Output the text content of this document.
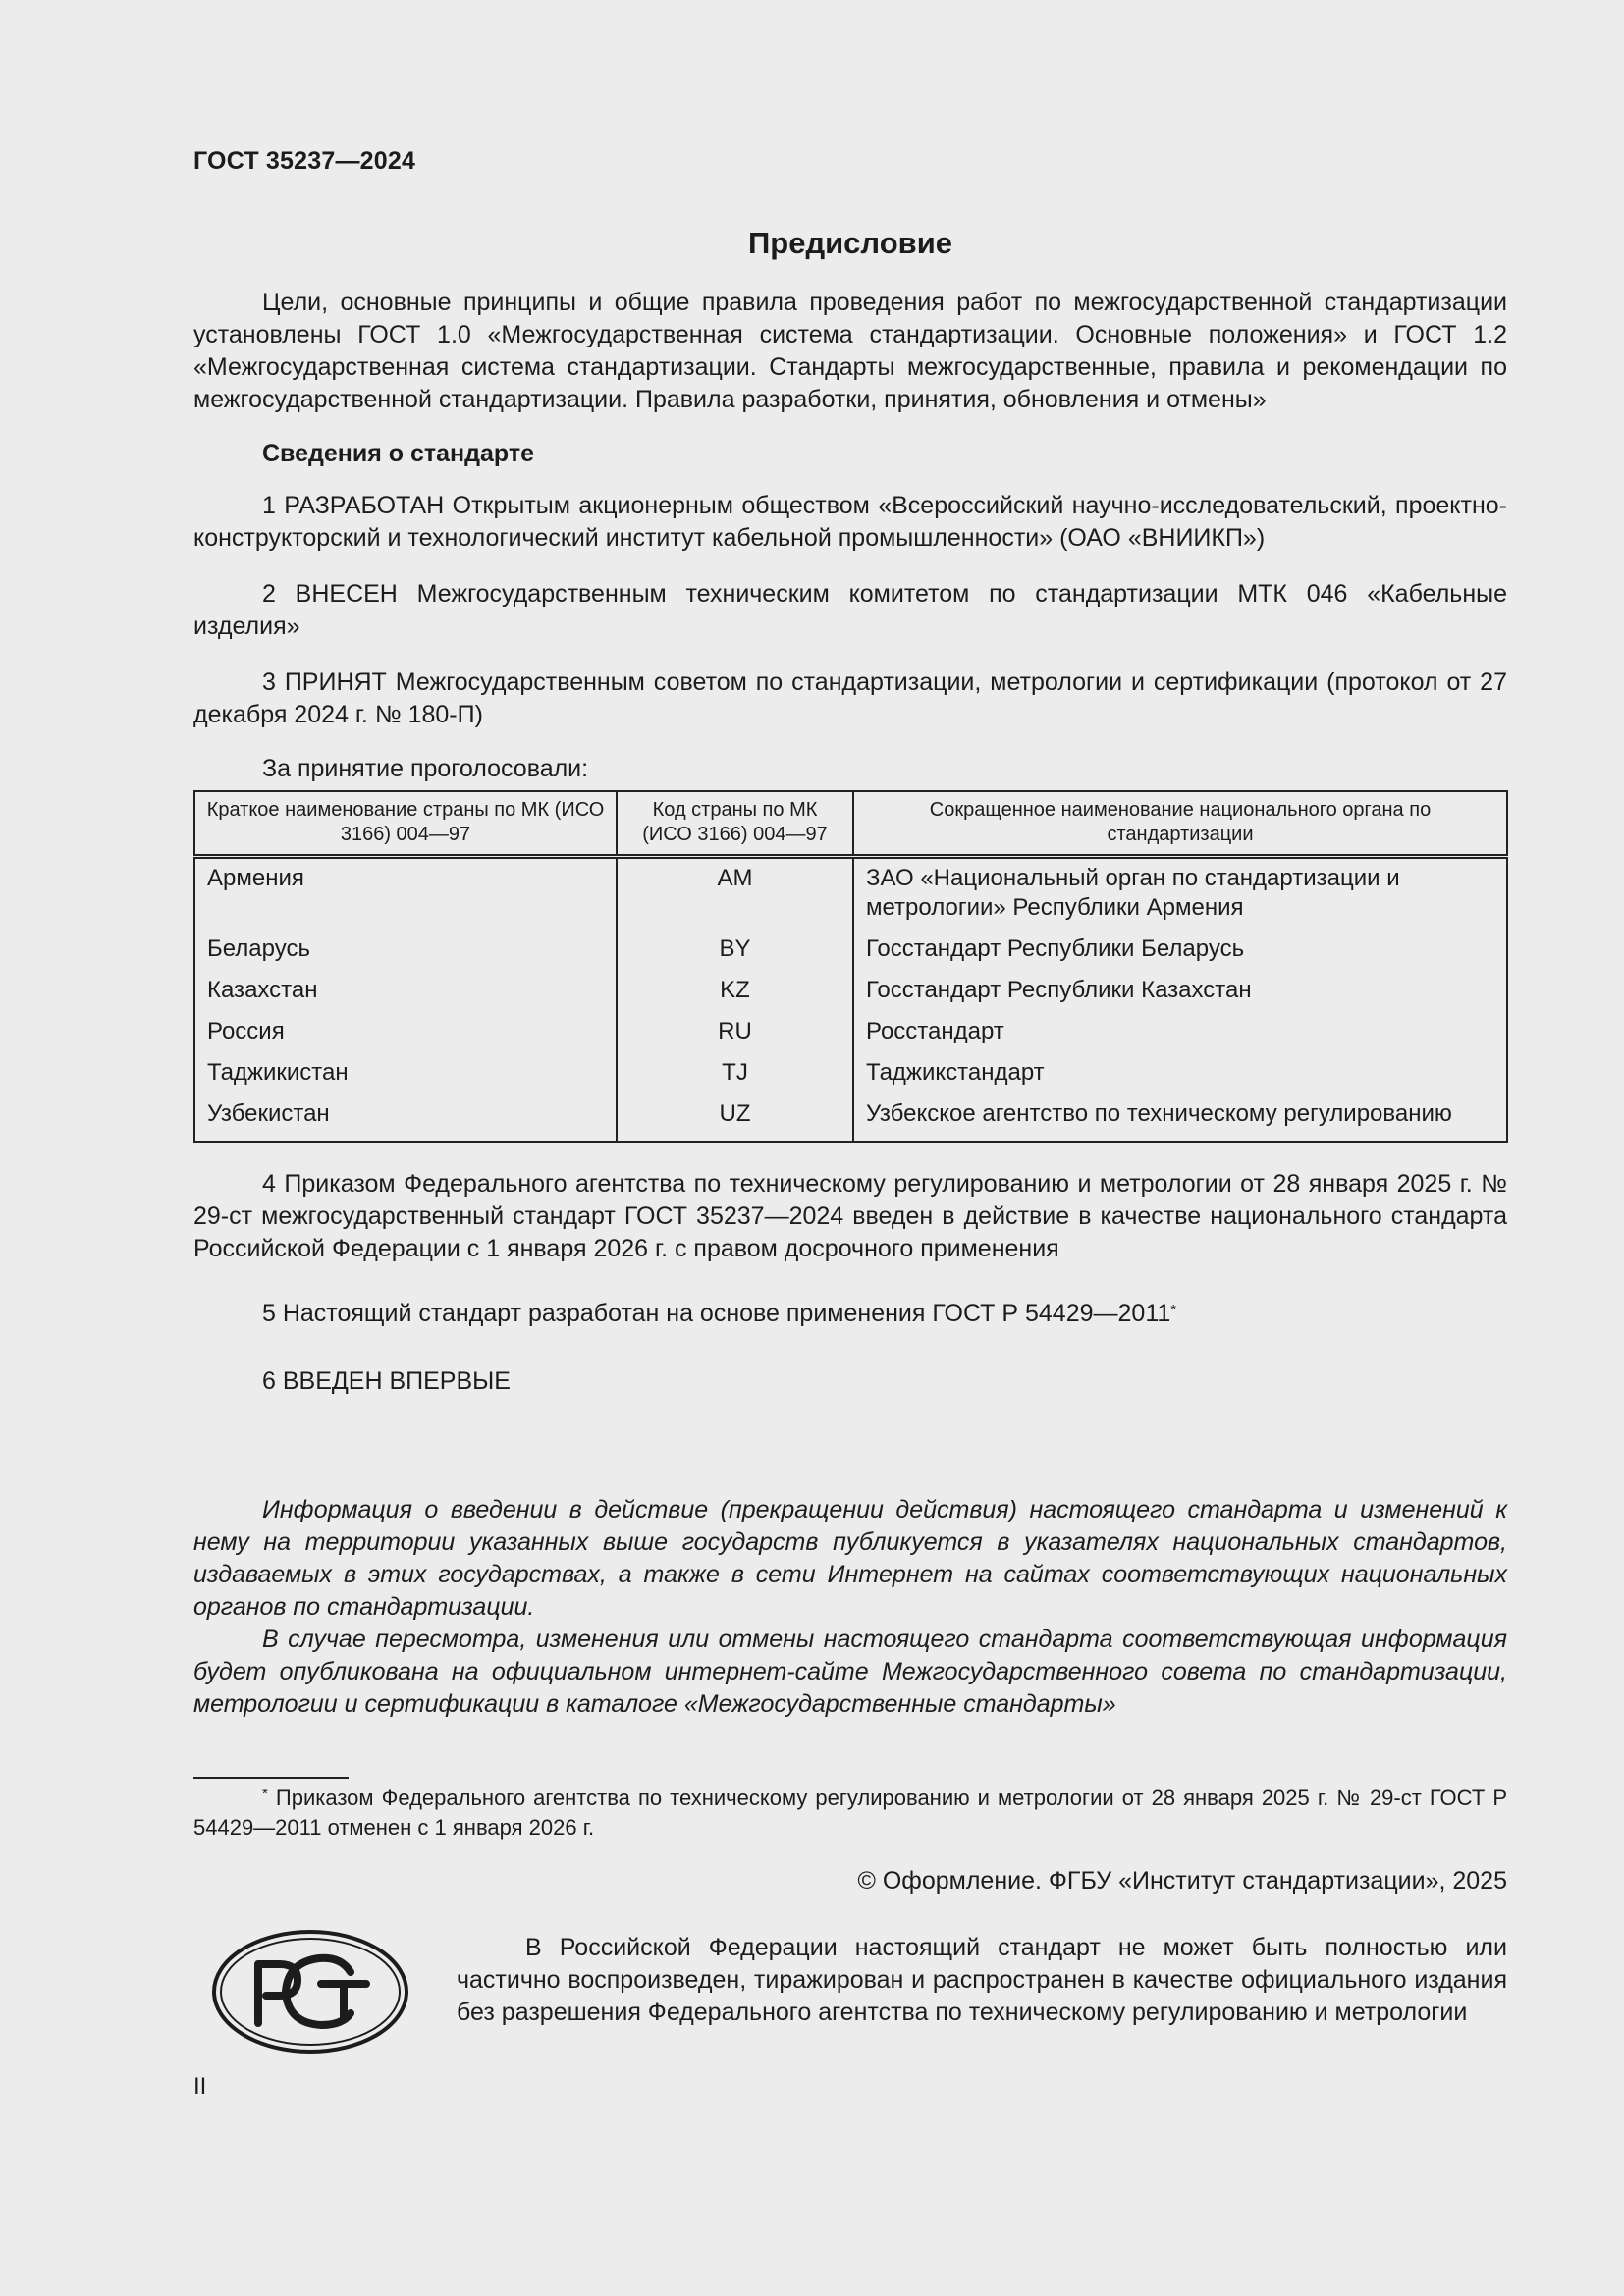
ГОСТ 35237—2024
Предисловие
Цели, основные принципы и общие правила проведения работ по межгосударственной стандартизации установлены ГОСТ 1.0 «Межгосударственная система стандартизации. Основные положения» и ГОСТ 1.2 «Межгосударственная система стандартизации. Стандарты межгосударственные, правила и рекомендации по межгосударственной стандартизации. Правила разработки, принятия, обновления и отмены»
Сведения о стандарте
1 РАЗРАБОТАН Открытым акционерным обществом «Всероссийский научно-исследовательский, проектно-конструкторский и технологический институт кабельной промышленности» (ОАО «ВНИИКП»)
2 ВНЕСЕН Межгосударственным техническим комитетом по стандартизации МТК 046 «Кабельные изделия»
3 ПРИНЯТ Межгосударственным советом по стандартизации, метрологии и сертификации (протокол от 27 декабря 2024 г. № 180-П)
За принятие проголосовали:
Краткое наименование страны по МК (ИСО 3166) 004—97	Код страны по МК (ИСО 3166) 004—97	Сокращенное наименование национального органа по стандартизации
Армения	AM	ЗАО «Национальный орган по стандартизации и метрологии» Республики Армения
Беларусь	BY	Госстандарт Республики Беларусь
Казахстан	KZ	Госстандарт Республики Казахстан
Россия	RU	Росстандарт
Таджикистан	TJ	Таджикстандарт
Узбекистан	UZ	Узбекское агентство по техническому регулированию
4 Приказом Федерального агентства по техническому регулированию и метрологии от 28 января 2025 г. № 29-ст межгосударственный стандарт ГОСТ 35237—2024 введен в действие в качестве национального стандарта Российской Федерации с 1 января 2026 г. с правом досрочного применения
5 Настоящий стандарт разработан на основе применения ГОСТ Р 54429—2011*
6 ВВЕДЕН ВПЕРВЫЕ
Информация о введении в действие (прекращении действия) настоящего стандарта и изменений к нему на территории указанных выше государств публикуется в указателях национальных стандартов, издаваемых в этих государствах, а также в сети Интернет на сайтах соответствующих национальных органов по стандартизации.
В случае пересмотра, изменения или отмены настоящего стандарта соответствующая информация будет опубликована на официальном интернет-сайте Межгосударственного совета по стандартизации, метрологии и сертификации в каталоге «Межгосударственные стандарты»
* Приказом Федерального агентства по техническому регулированию и метрологии от 28 января 2025 г. № 29-ст ГОСТ Р 54429—2011 отменен с 1 января 2026 г.
© Оформление. ФГБУ «Институт стандартизации», 2025
В Российской Федерации настоящий стандарт не может быть полностью или частично воспроизведен, тиражирован и распространен в качестве официального издания без разрешения Федерального агентства по техническому регулированию и метрологии
II
